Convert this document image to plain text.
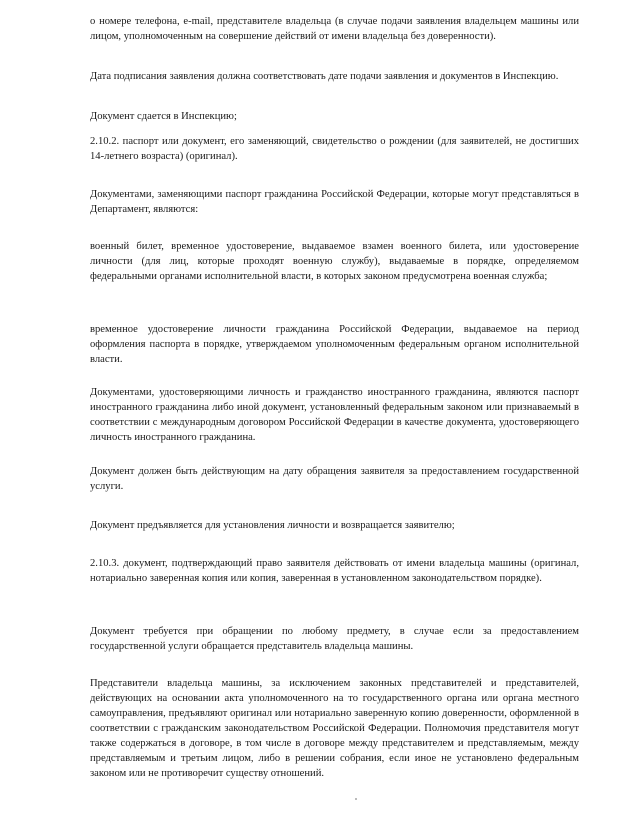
о номере телефона, e-mail, представителе владельца (в случае подачи заявления владельцем машины или лицом, уполномоченным на совершение действий от имени владельца без доверенности).

Дата подписания заявления должна соответствовать дате подачи заявления и документов в Инспекцию.

Документ сдается в Инспекцию;

2.10.2. паспорт или документ, его заменяющий, свидетельство о рождении (для заявителей, не достигших 14-летнего возраста) (оригинал).

Документами, заменяющими паспорт гражданина Российской Федерации, которые могут представляться в Департамент, являются:

военный билет, временное удостоверение, выдаваемое взамен военного билета, или удостоверение личности (для лиц, которые проходят военную службу), выдаваемые в порядке, определяемом федеральными органами исполнительной власти, в которых законом предусмотрена военная служба;

временное удостоверение личности гражданина Российской Федерации, выдаваемое на период оформления паспорта в порядке, утверждаемом уполномоченным федеральным органом исполнительной власти.

Документами, удостоверяющими личность и гражданство иностранного гражданина, являются паспорт иностранного гражданина либо иной документ, установленный федеральным законом или признаваемый в соответствии с международным договором Российской Федерации в качестве документа, удостоверяющего личность иностранного гражданина.

Документ должен быть действующим на дату обращения заявителя за предоставлением государственной услуги.

Документ предъявляется для установления личности и возвращается заявителю;

2.10.3. документ, подтверждающий право заявителя действовать от имени владельца машины (оригинал, нотариально заверенная копия или копия, заверенная в установленном законодательством порядке).

Документ требуется при обращении по любому предмету, в случае если за предоставлением государственной услуги обращается представитель владельца машины.

Представители владельца машины, за исключением законных представителей и представителей, действующих на основании акта уполномоченного на то государственного органа или органа местного самоуправления, предъявляют оригинал или нотариально заверенную копию доверенности, оформленной в соответствии с гражданским законодательством Российской Федерации. Полномочия представителя могут также содержаться в договоре, в том числе в договоре между представителем и представляемым, между представляемым и третьим лицом, либо в решении собрания, если иное не установлено федеральным законом или не противоречит существу отношений.
